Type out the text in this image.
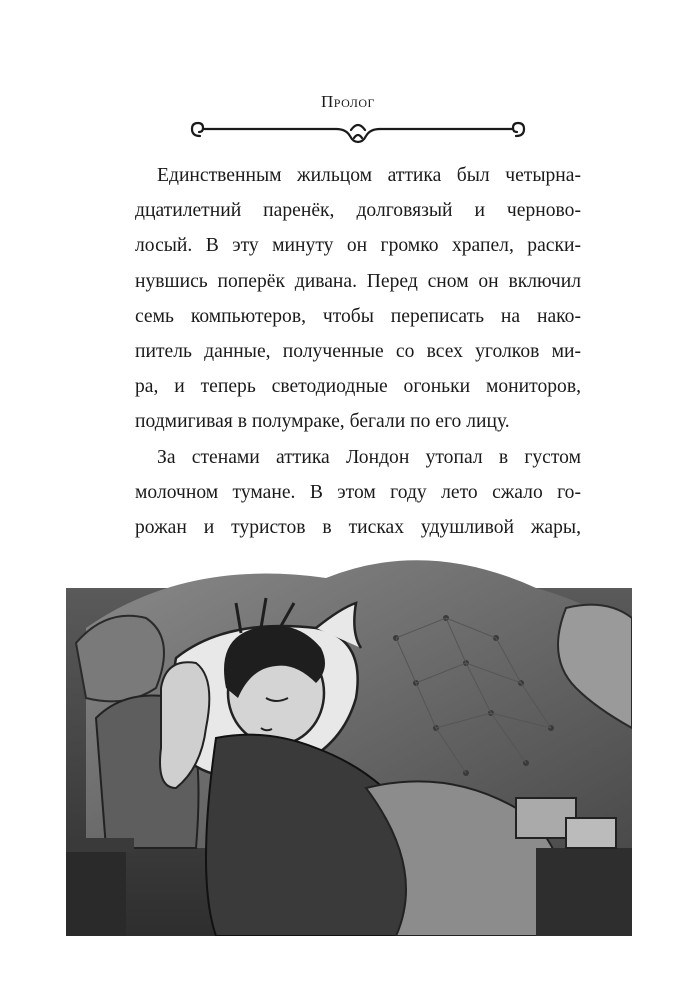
Пролог

Единственным жильцом аттика был четырна-
дцатилетний паренёк, долговязый и черново-
лосый. В эту минуту он громко храпел, раски-
нувшись поперёк дивана. Перед сном он включил
семь компьютеров, чтобы переписать на нако-
питель данные, полученные со всех уголков ми-
ра, и теперь светодиодные огоньки мониторов,
подмигивая в полумраке, бегали по его лицу.

За стенами аттика Лондон утопал в густом
молочном тумане. В этом году лето сжало го-
рожан и туристов в тисках удушливой жары,
